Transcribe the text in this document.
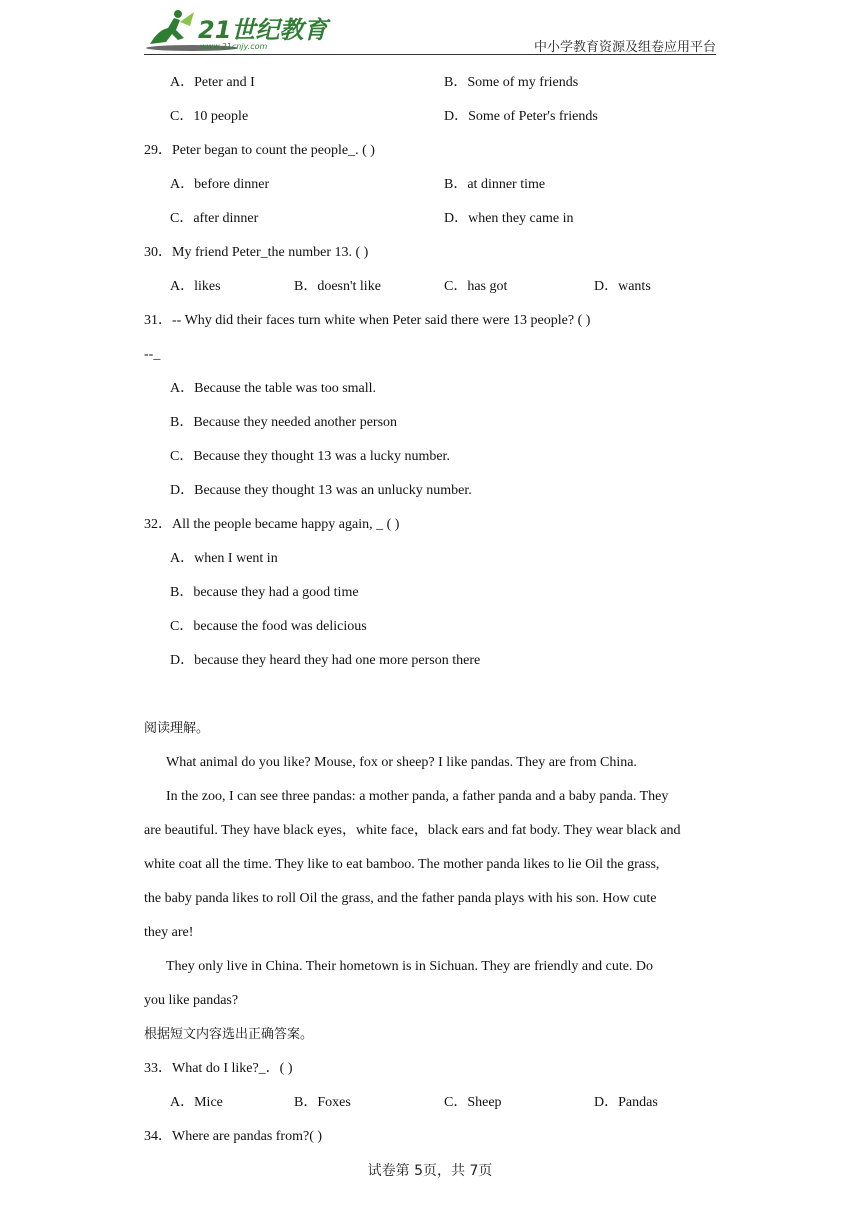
21世纪教育
www.21cnjy.com	中小学教育资源及组卷应用平台
A．Peter and I	B．Some of my friends
C．10 people	D．Some of Peter's friends
29．Peter began to count the people_. ( )
A．before dinner	B．at dinner time
C．after dinner	D．when they came in
30．My friend Peter_the number 13. ( )
A．likes	B．doesn't like	C．has got	D．wants
31．-- Why did their faces turn white when Peter said there were 13 people? ( )
--_
A．Because the table was too small.
B．Because they needed another person
C．Because they thought 13 was a lucky number.
D．Because they thought 13 was an unlucky number.
32．All the people became happy again, _ ( )
A．when I went in
B．because they had a good time
C．because the food was delicious
D．because they heard they had one more person there
阅读理解。
What animal do you like? Mouse, fox or sheep? I like pandas. They are from China.
In the zoo, I can see three pandas: a mother panda, a father panda and a baby panda. They
are beautiful. They have black eyes，white face，black ears and fat body. They wear black and
white coat all the time. They like to eat bamboo. The mother panda likes to lie Oil the grass,
the baby panda likes to roll Oil the grass, and the father panda plays with his son. How cute
they are!
They only live in China. Their hometown is in Sichuan. They are friendly and cute. Do
you like pandas?
根据短文内容选出正确答案。
33．What do I like?_．( )
A．Mice	B．Foxes	C．Sheep	D．Pandas
34．Where are pandas from?( )
试卷第 5页，共 7页
